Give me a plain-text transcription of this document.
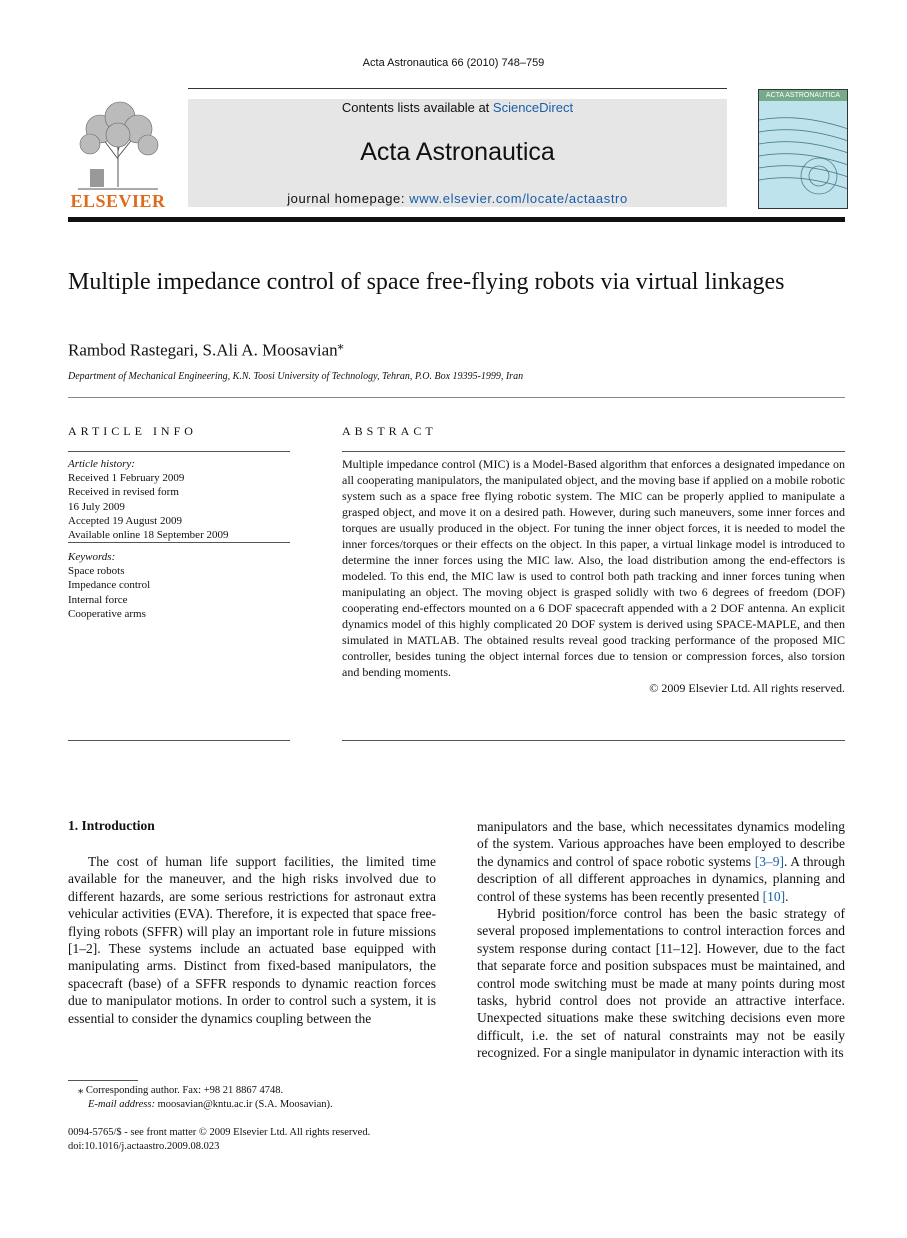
Acta Astronautica 66 (2010) 748–759
ELSEVIER
Contents lists available at ScienceDirect
Acta Astronautica
journal homepage: www.elsevier.com/locate/actaastro
ACTA ASTRONAUTICA
Multiple impedance control of space free-flying robots via virtual linkages
Rambod Rastegari, S.Ali A. Moosavian⁎
Department of Mechanical Engineering, K.N. Toosi University of Technology, Tehran, P.O. Box 19395-1999, Iran
ARTICLE INFO
Article history:
Received 1 February 2009
Received in revised form
16 July 2009
Accepted 19 August 2009
Available online 18 September 2009
Keywords:
Space robots
Impedance control
Internal force
Cooperative arms
ABSTRACT
Multiple impedance control (MIC) is a Model-Based algorithm that enforces a designated impedance on all cooperating manipulators, the manipulated object, and the moving base if applied on a mobile robotic system such as a space free flying robotic system. The MIC can be properly applied to manipulate a grasped object, and move it on a desired path. However, during such maneuvers, some inner forces and torques are usually produced in the object. For tuning the inner object forces, it is needed to model the inner forces/torques or their effects on the object. In this paper, a virtual linkage model is introduced to determine the inner forces using the MIC law. Also, the load distribution among the end-effectors is modeled. To this end, the MIC law is used to control both path tracking and inner forces tuning when manipulating an object. The moving object is grasped solidly with two 6 degrees of freedom (DOF) cooperating end-effectors mounted on a 6 DOF spacecraft appended with a 2 DOF antenna. An explicit dynamics model of this highly complicated 20 DOF system is derived using SPACE-MAPLE, and then simulated in MATLAB. The obtained results reveal good tracking performance of the proposed MIC controller, besides tuning the object internal forces due to tension or compression forces, also torsion and bending moments.
© 2009 Elsevier Ltd. All rights reserved.
1. Introduction

The cost of human life support facilities, the limited time available for the maneuver, and the high risks involved due to different hazards, are some serious restrictions for astronaut extra vehicular activities (EVA). Therefore, it is expected that space free-flying robots (SFFR) will play an important role in future missions [1–2]. These systems include an actuated base equipped with manipulating arms. Distinct from fixed-based manipulators, the spacecraft (base) of a SFFR responds to dynamic reaction forces due to manipulator motions. In order to control such a system, it is essential to consider the dynamics coupling between the

manipulators and the base, which necessitates dynamics modeling of the system. Various approaches have been employed to describe the dynamics and control of space robotic systems [3–9]. A through description of all different approaches in dynamics, planning and control of these systems has been recently presented [10].

Hybrid position/force control has been the basic strategy of several proposed implementations to control interaction forces and system response during contact [11–12]. However, due to the fact that separate force and position subspaces must be maintained, and control mode switching must be made at many points during most tasks, hybrid control does not provide an attractive interface. Unexpected situations make these switching decisions even more difficult, i.e. the set of natural constraints may not be easily recognized. For a single manipulator in dynamic interaction with its

⁎ Corresponding author. Fax: +98 21 8867 4748.
E-mail address: moosavian@kntu.ac.ir (S.A. Moosavian).
0094-5765/$ - see front matter © 2009 Elsevier Ltd. All rights reserved.
doi:10.1016/j.actaastro.2009.08.023
